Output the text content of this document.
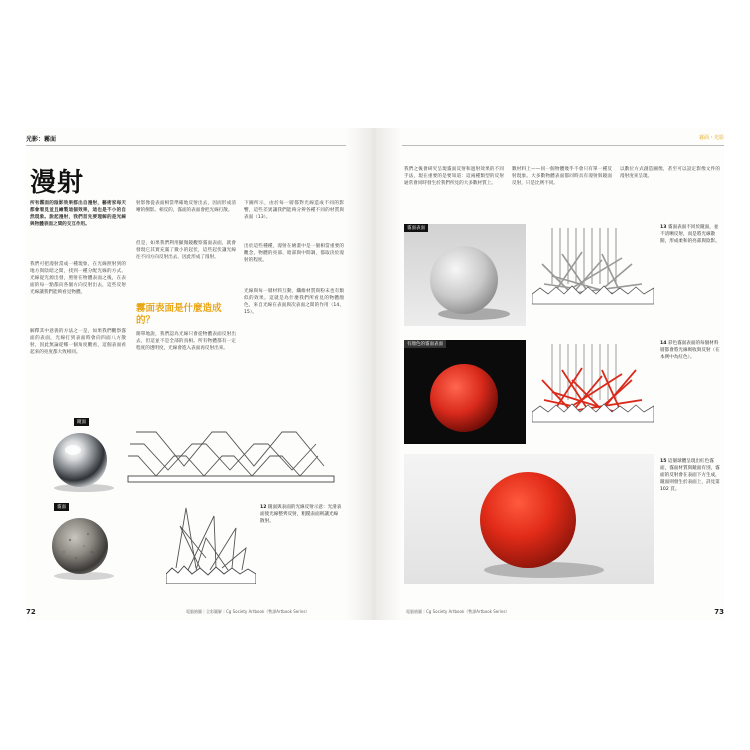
光影：霧面
漫射
所有霧面的陰影效果都出自漫射，藝術家每天都會看見並且繪製這個效果，這也是不小的自然現象。說起漫射，我們首先要理解的是光線與物體表面之間的交互作用。
我們可把漫射當成一種現象，在光線照射到的地方與陰暗之間，找到一種分配光線的方式。光線從光源出發，照射在物體表面之後，在表面的每一點都向各個方向反射出去，這些反射光線讓我們能夠看見物體。
解釋其中意義的方法之一是，如果我們觀察霧面的表面，光線打到表面時會向四面八方散射，因此無論從哪一個角度觀看，這個表面看起來的亮度都大致相同。
射影像從表面相當準確地反射出去，因而形成清晰的倒影。相反的，霧面的表面會把光線打散。
但是，如果我們利用顯微鏡觀察霧面表面，就會發現它其實充滿了微小的起伏，這些起伏讓光線往不同方向反射出去，因此形成了漫射。
霧面表面是什麼造成的？
簡單地說，我們認為光線只會從物體表面反射出去，但這並不是全部的真相。所有物體都有一定程度的透明度，光線會進入表面再反射出來。
下圖所示，由於每一層都對光線造成不同的影響，這些差異讓我們能夠分辨各種不同的材質與表面（13）。
出於這些種種，漫射在繪畫中是一個相當重要的觀念，物體的亮部、暗部與中間調，都取決於漫射的程度。
光線與每一層材料互動，纖維材質與粉末也有類似的效果。這就是為什麼我們所看見的物體顏色，來自光線在表面與次表面之間的作用（14、15）。
鏡面
霧面	12 鏡面與表面的光線反射示意：光滑表面使光線整齊反射，粗糙表面則讓光線散射。
72	電腦繪圖｜全彩圖解｜Cg Society Artbook（暫譯Artbook Series）
霧面・光影
我們之後會研究呈現霧面反射和過射效果的不同手法，現在重要的是要知道：這兩種類型的反射通常會同時發生於我們所見的大多數材質上。
數材料上——同一個物體幾乎不會只有單一種反射現象。大多數物體表面都同時具有漫射與鏡面反射，只是比例不同。
以數位方式創造圖像，甚至可以設定影像文件的漫射度來呈現。
霧面表面	13 霧面表面不同於鏡面，並不清晰反射，而是將光線散開，形成柔和的亮部與陰影。
有顏色的霧面表面	14 彩色霧面表面的每個材料層都會將光線吸收與反射（在本例中為紅色）。
15 這個球體呈現出紅色霧面，霧面材質與鏡面有別，霧面的反射會在表面下方生成，鏡面則發生於表面上，詳見第 102 頁。
電腦繪圖｜Cg Society Artbook（暫譯Artbook Series）	73
